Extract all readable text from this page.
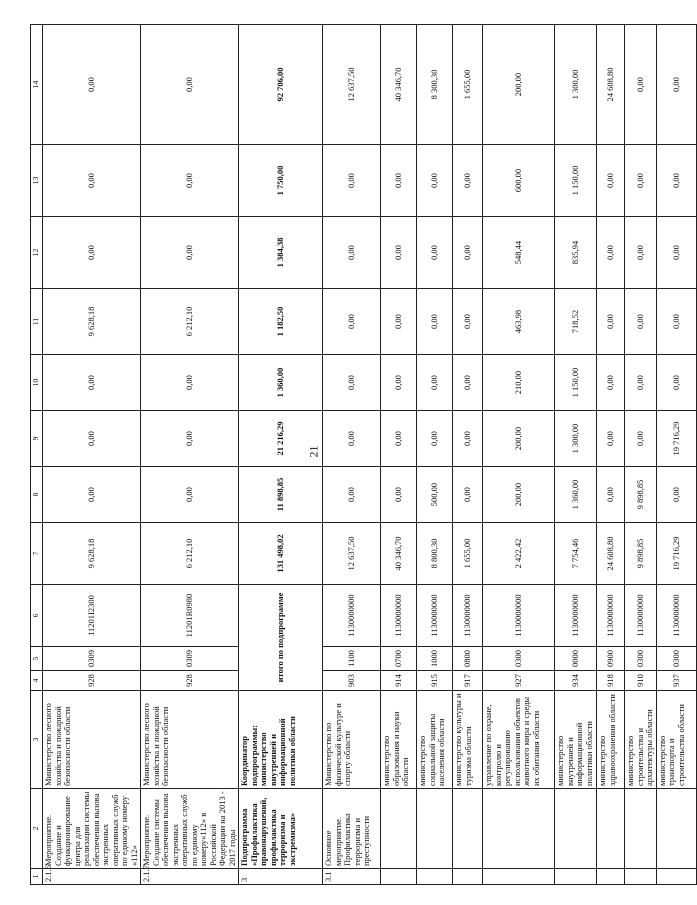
21
1	2	3	4	5	6	7	8	9	10	11	12	13	14
2.1.6	Мероприятие. Создание и функционирование центра для реализации системы обеспечения вызова экстренных оперативных служб по единому номеру «112»	Министерство лесного хозяйства и пожарной безопасности области	928	0309	11201I2300	9 628,18	0,00	0,00	0,00	9 628,18	0,00	0,00	0,00
2.1.7	Мероприятие. Создание системы обеспечения вызова экстренных оперативных служб по единому номеру«112» в Российской Федерации на 2013 - 2017 годы	Министерство лесного хозяйства и пожарной безопасности области	928	0309	11201R0980	6 212,10	0,00	0,00	0,00	6 212,10	0,00	0,00	0,00
3	Подпрограмма «Профилактика правонарушений, профилактика терроризма и экстремизма»	Координатор подпрограммы: министерство внутренней и информационной политики области	итого по подпрограмме			131 498,02	11 898,85	21 216,29	1 360,00	1 182,50	1 384,38	1 750,00	92 706,00
3.1	Основное мероприятие. Профилактика терроризма и преступности	Министерство по физической культуре и спорту области	903	1100	1130000000	12 637,50	0,00	0,00	0,00	0,00	0,00	0,00	12 637,50
		министерство образования и науки области	914	0700	1130000000	40 346,70	0,00	0,00	0,00	0,00	0,00	0,00	40 346,70
		министерство социальной защиты населения области	915	1000	1130000000	8 800,30	500,00	0,00	0,00	0,00	0,00	0,00	8 300,30
		министерство культуры и туризма области	917	0800	1130000000	1 655,00	0,00	0,00	0,00	0,00	0,00	0,00	1 655,00
		управление по охране, контролю и регулированию использования объектов животного мира и среды их обитания области	927	0300	1130000000	2 422,42	200,00	200,00	210,00	463,98	548,44	600,00	200,00
		министерство внутренней и информационной политики области	934	0000	1130000000	7 754,46	1 360,00	1 300,00	1 150,00	718,52	835,94	1 150,00	1 300,00
		министерство здравоохранения области	918	0900	1130000000	24 608,80	0,00	0,00	0,00	0,00	0,00	0,00	24 608,80
		министерство строительства и архитектуры области	910	0300	1130000000	9 898,85	9 898,85	0,00	0,00	0,00	0,00	0,00	0,00
		министерство транспорта и строительства области	937	0300	1130000000	19 716,29	0,00	19 716,29	0,00	0,00	0,00	0,00	0,00
